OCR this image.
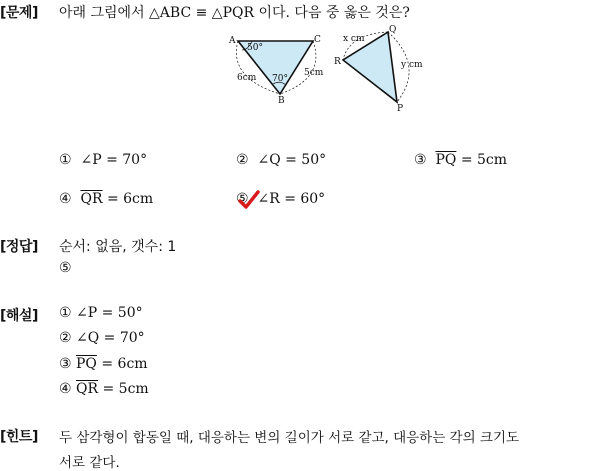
[문제] 아래 그림에서 △ABC ≡ △PQR 이다. 다음 중 옳은 것은?
A
B
C
50°
70°
6cm	5cm
Q
R
P
x cm
y cm
① ∠P = 70°	② ∠Q = 50°	③ $\overline{PQ} = 5cm$
④ $\overline{QR} = 6cm$	⑤ ∠R = 60°
[정답] 순서: 없음, 갯수: 1
⑤
[해설] ① ∠P = 50°
② ∠Q = 70°
③ $\overline{PQ} = 6cm$
④ $\overline{QR} = 5cm$
[힌트] 두 삼각형이 합동일 때, 대응하는 변의 길이가 서로 같고, 대응하는 각의 크기도
서로 같다.
